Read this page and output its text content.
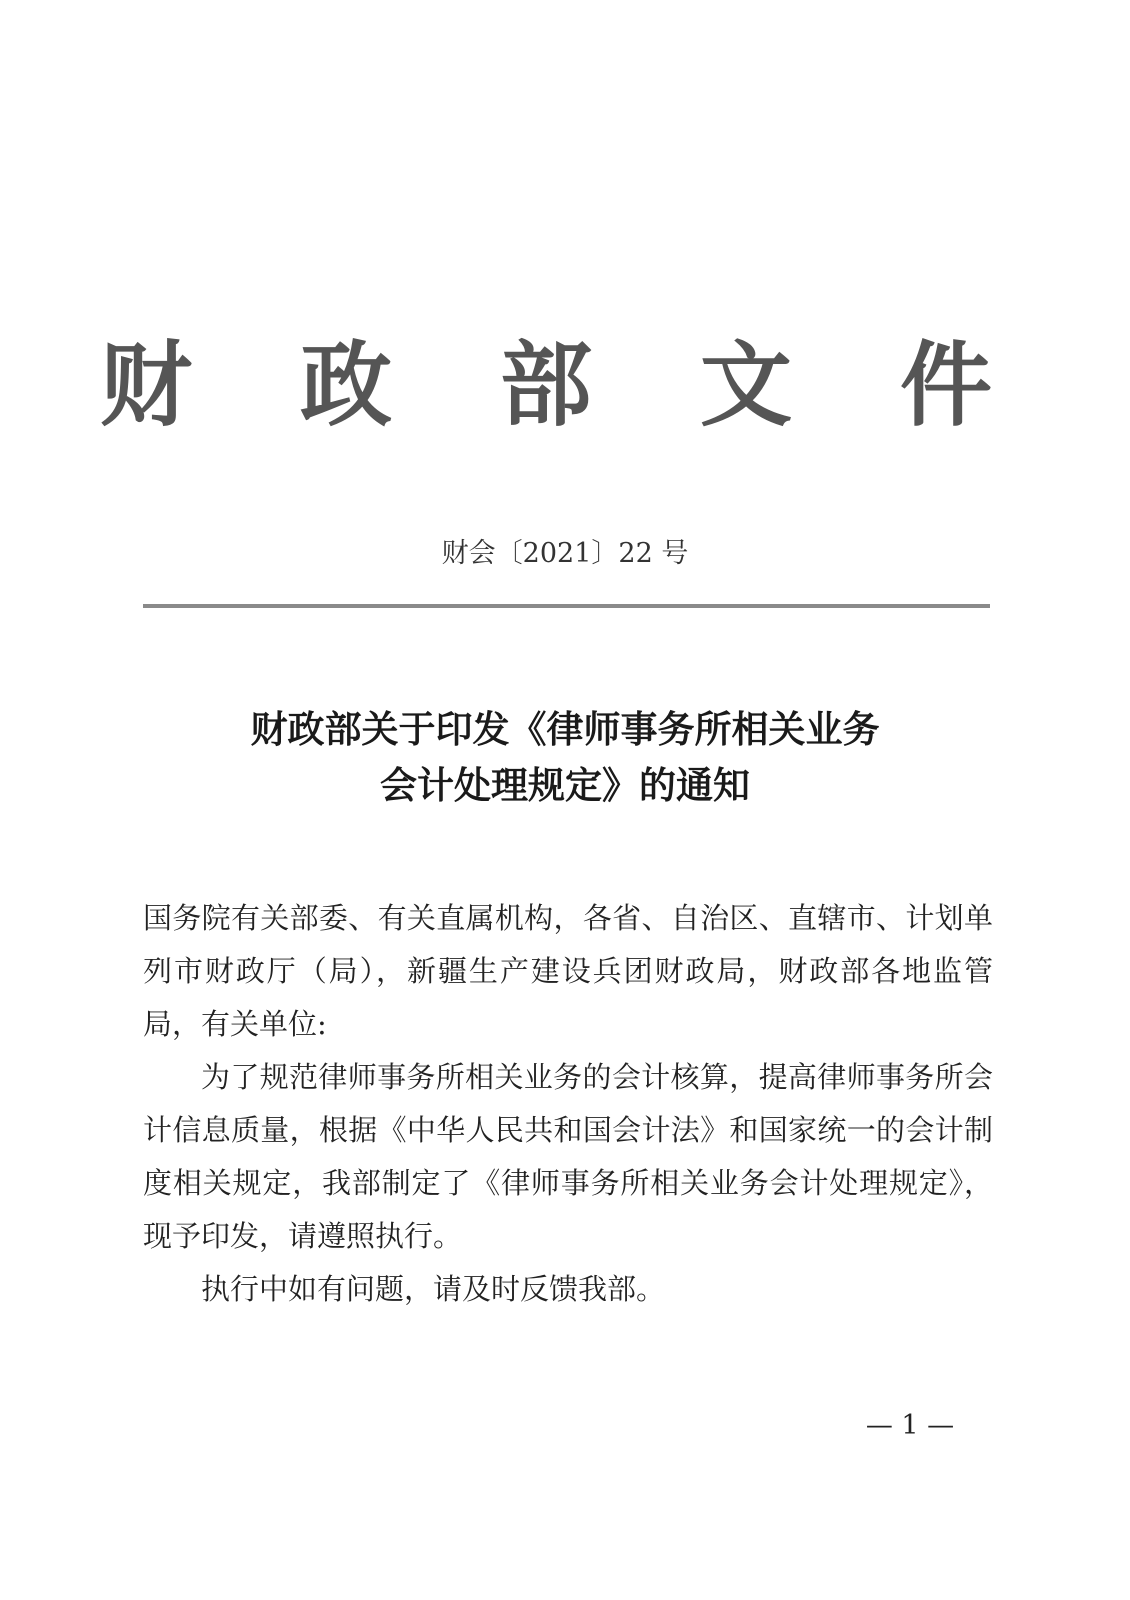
财 政 部 文 件
财会〔2021〕22 号
财政部关于印发《律师事务所相关业务
会计处理规定》的通知

国务院有关部委、有关直属机构，各省、自治区、直辖市、计划单列市财政厅（局），新疆生产建设兵团财政局，财政部各地监管局，有关单位:

为了规范律师事务所相关业务的会计核算，提高律师事务所会计信息质量，根据《中华人民共和国会计法》和国家统一的会计制度相关规定，我部制定了《律师事务所相关业务会计处理规定》，现予印发，请遵照执行。

执行中如有问题，请及时反馈我部。

— 1 —
